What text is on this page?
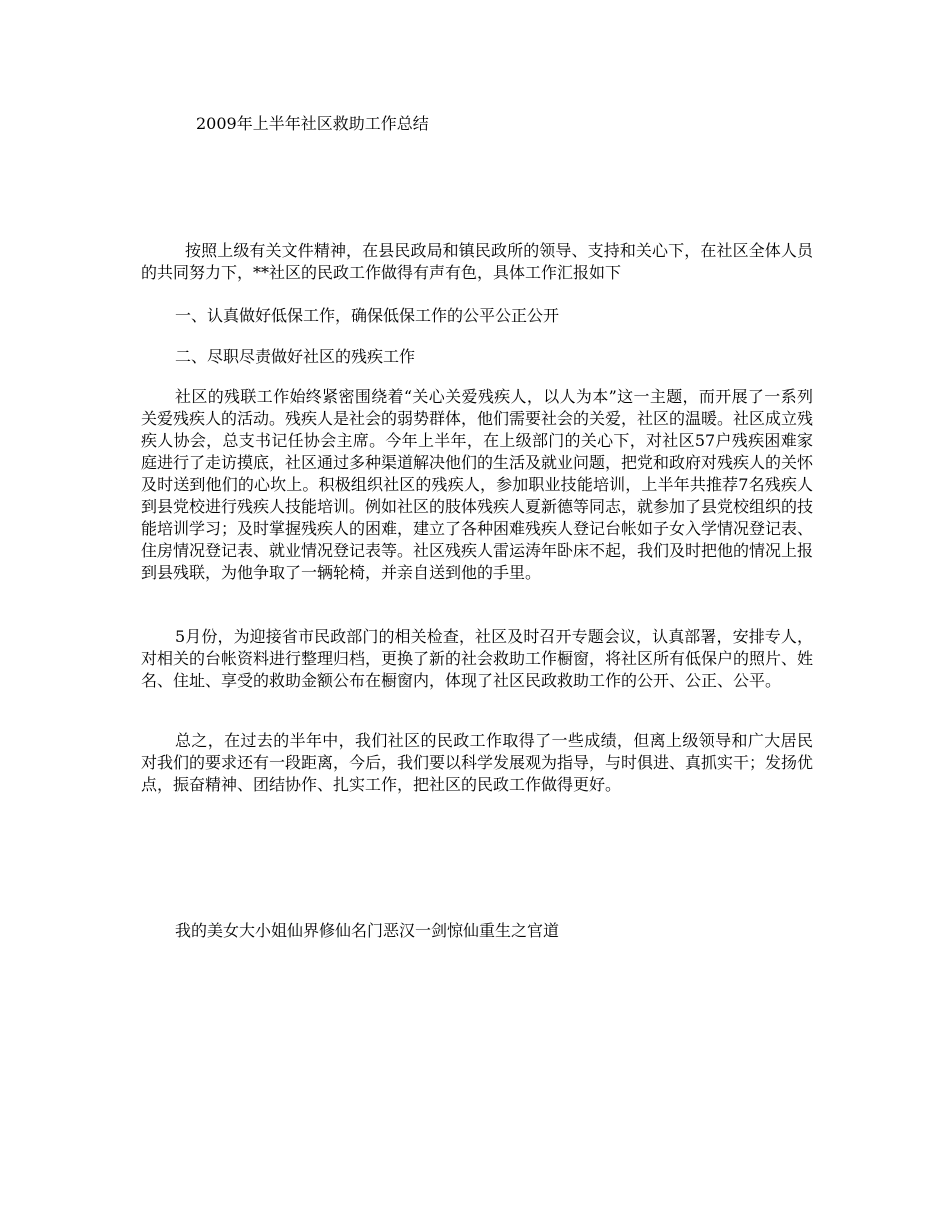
2009年上半年社区救助工作总结

按照上级有关文件精神，在县民政局和镇民政所的领导、支持和关心下，在社区全体人员的共同努力下，**社区的民政工作做得有声有色，具体工作汇报如下

一、认真做好低保工作，确保低保工作的公平公正公开

二、尽职尽责做好社区的残疾工作

社区的残联工作始终紧密围绕着“关心关爱残疾人，以人为本”这一主题，而开展了一系列关爱残疾人的活动。残疾人是社会的弱势群体，他们需要社会的关爱，社区的温暖。社区成立残疾人协会，总支书记任协会主席。今年上半年，在上级部门的关心下，对社区57户残疾困难家庭进行了走访摸底，社区通过多种渠道解决他们的生活及就业问题，把党和政府对残疾人的关怀及时送到他们的心坎上。积极组织社区的残疾人，参加职业技能培训，上半年共推荐7名残疾人到县党校进行残疾人技能培训。例如社区的肢体残疾人夏新德等同志，就参加了县党校组织的技能培训学习；及时掌握残疾人的困难，建立了各种困难残疾人登记台帐如子女入学情况登记表、住房情况登记表、就业情况登记表等。社区残疾人雷运涛年卧床不起，我们及时把他的情况上报到县残联，为他争取了一辆轮椅，并亲自送到他的手里。

5月份，为迎接省市民政部门的相关检查，社区及时召开专题会议，认真部署，安排专人，对相关的台帐资料进行整理归档，更换了新的社会救助工作橱窗，将社区所有低保户的照片、姓名、住址、享受的救助金额公布在橱窗内，体现了社区民政救助工作的公开、公正、公平。

总之，在过去的半年中，我们社区的民政工作取得了一些成绩，但离上级领导和广大居民对我们的要求还有一段距离，今后，我们要以科学发展观为指导，与时俱进、真抓实干；发扬优点，振奋精神、团结协作、扎实工作，把社区的民政工作做得更好。

我的美女大小姐仙界修仙名门恶汉一剑惊仙重生之官道
